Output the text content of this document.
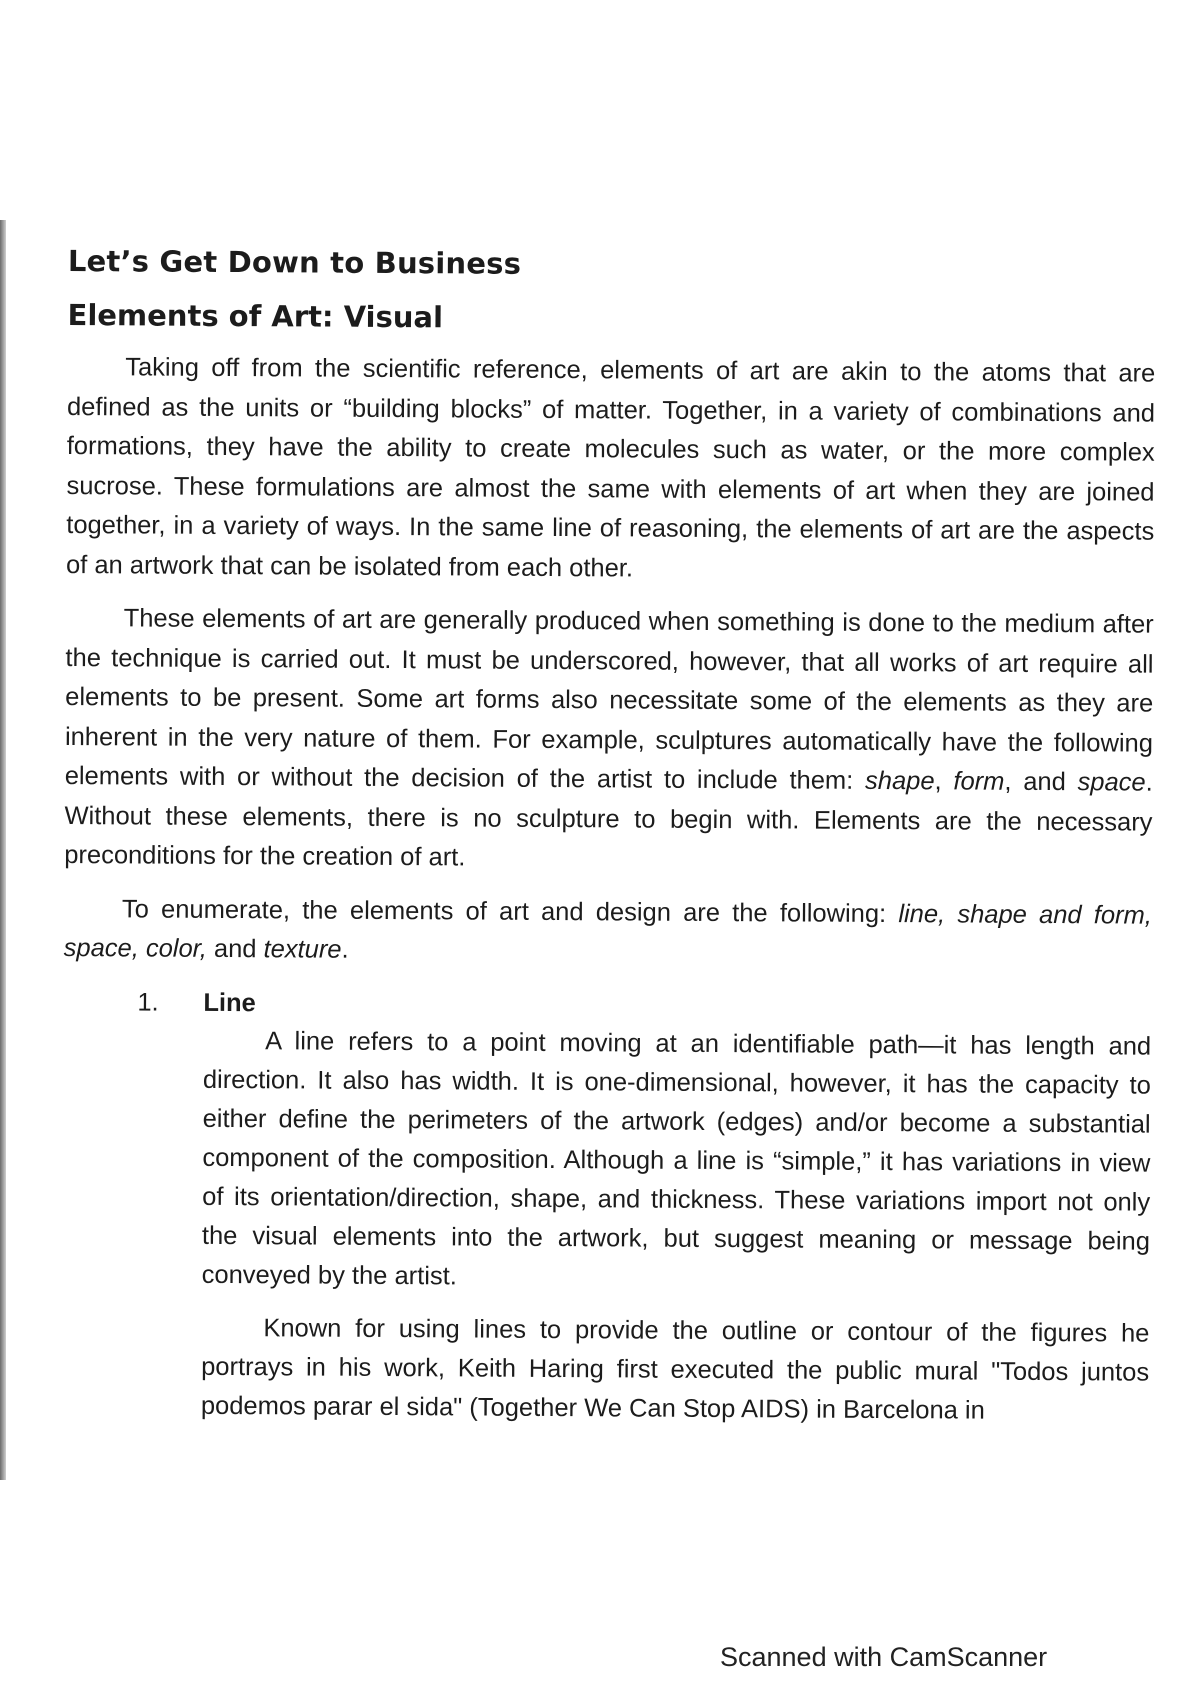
Let’s Get Down to Business
Elements of Art: Visual

Taking off from the scientific reference, elements of art are akin to the atoms that are defined as the units or “building blocks” of matter. Together, in a variety of combinations and formations, they have the ability to create molecules such as water, or the more complex sucrose. These formulations are almost the same with elements of art when they are joined together, in a variety of ways. In the same line of reasoning, the elements of art are the aspects of an artwork that can be isolated from each other.

These elements of art are generally produced when something is done to the medium after the technique is carried out. It must be underscored, however, that all works of art require all elements to be present. Some art forms also necessitate some of the elements as they are inherent in the very nature of them. For example, sculptures automatically have the following elements with or without the decision of the artist to include them: shape, form, and space. Without these elements, there is no sculpture to begin with. Elements are the necessary preconditions for the creation of art.

To enumerate, the elements of art and design are the following: line, shape and form, space, color, and texture.

1.	Line

A line refers to a point moving at an identifiable path—it has length and direction. It also has width. It is one-dimensional, however, it has the capacity to either define the perimeters of the artwork (edges) and/or become a substantial component of the composition. Although a line is “simple,” it has variations in view of its orientation/direction, shape, and thickness. These variations import not only the visual elements into the artwork, but suggest meaning or message being conveyed by the artist.

Known for using lines to provide the outline or contour of the figures he portrays in his work, Keith Haring first executed the public mural "Todos juntos podemos parar el sida" (Together We Can Stop AIDS) in Barcelona in

Scanned with CamScanner
